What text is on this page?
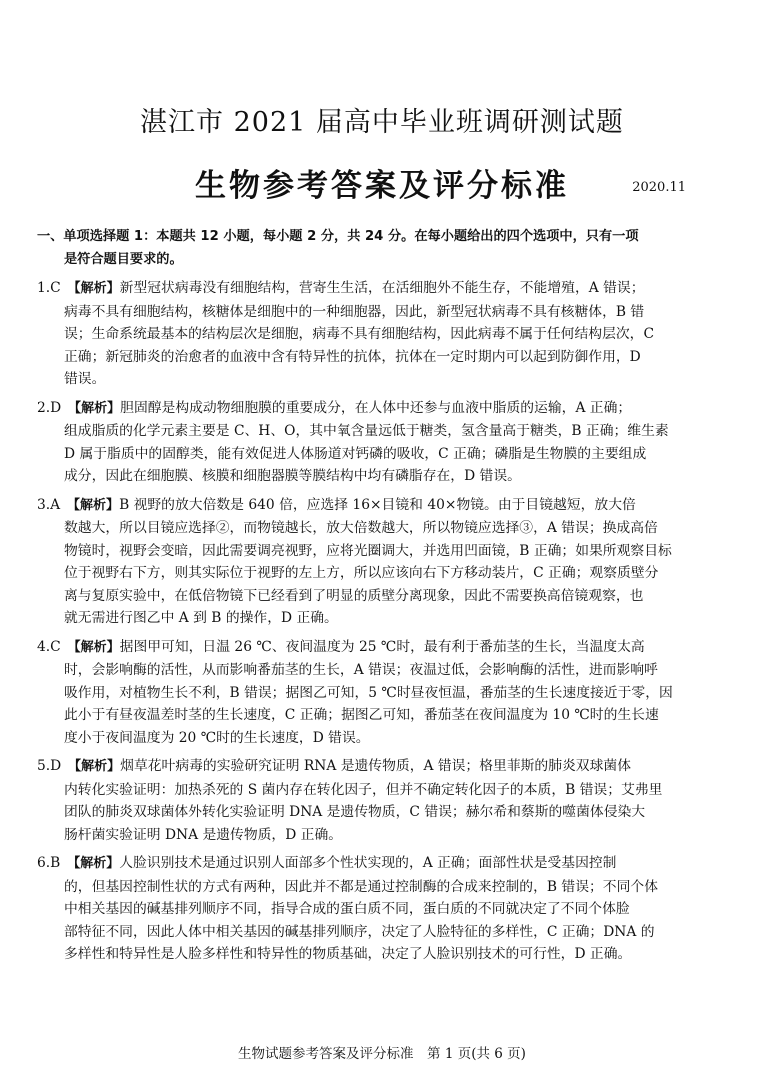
湛江市 2021 届高中毕业班调研测试题
生物参考答案及评分标准	2020.11
一、单项选择题 1：本题共 12 小题，每小题 2 分，共 24 分。在每小题给出的四个选项中，只有一项
是符合题目要求的。
1.C  【解析】新型冠状病毒没有细胞结构，营寄生生活，在活细胞外不能生存，不能增殖，A 错误；
病毒不具有细胞结构，核糖体是细胞中的一种细胞器，因此，新型冠状病毒不具有核糖体，B 错
误；生命系统最基本的结构层次是细胞，病毒不具有细胞结构，因此病毒不属于任何结构层次，C
正确；新冠肺炎的治愈者的血液中含有特异性的抗体，抗体在一定时期内可以起到防御作用，D
错误。
2.D  【解析】胆固醇是构成动物细胞膜的重要成分，在人体中还参与血液中脂质的运输，A 正确；
组成脂质的化学元素主要是 C、H、O，其中氧含量远低于糖类，氢含量高于糖类，B 正确；维生素
D 属于脂质中的固醇类，能有效促进人体肠道对钙磷的吸收，C 正确；磷脂是生物膜的主要组成
成分，因此在细胞膜、核膜和细胞器膜等膜结构中均有磷脂存在，D 错误。
3.A  【解析】B 视野的放大倍数是 640 倍，应选择 16×目镜和 40×物镜。由于目镜越短，放大倍
数越大，所以目镜应选择②，而物镜越长，放大倍数越大，所以物镜应选择③，A 错误；换成高倍
物镜时，视野会变暗，因此需要调亮视野，应将光圈调大，并选用凹面镜，B 正确；如果所观察目标
位于视野右下方，则其实际位于视野的左上方，所以应该向右下方移动装片，C 正确；观察质壁分
离与复原实验中，在低倍物镜下已经看到了明显的质壁分离现象，因此不需要换高倍镜观察，也
就无需进行图乙中 A 到 B 的操作，D 正确。
4.C  【解析】据图甲可知，日温 26 ℃、夜间温度为 25 ℃时，最有利于番茄茎的生长，当温度太高
时，会影响酶的活性，从而影响番茄茎的生长，A 错误；夜温过低，会影响酶的活性，进而影响呼
吸作用，对植物生长不利，B 错误；据图乙可知，5 ℃时昼夜恒温，番茄茎的生长速度接近于零，因
此小于有昼夜温差时茎的生长速度，C 正确；据图乙可知，番茄茎在夜间温度为 10 ℃时的生长速
度小于夜间温度为 20 ℃时的生长速度，D 错误。
5.D  【解析】烟草花叶病毒的实验研究证明 RNA 是遗传物质，A 错误；格里菲斯的肺炎双球菌体
内转化实验证明：加热杀死的 S 菌内存在转化因子，但并不确定转化因子的本质，B 错误；艾弗里
团队的肺炎双球菌体外转化实验证明 DNA 是遗传物质，C 错误；赫尔希和蔡斯的噬菌体侵染大
肠杆菌实验证明 DNA 是遗传物质，D 正确。
6.B  【解析】人脸识别技术是通过识别人面部多个性状实现的，A 正确；面部性状是受基因控制
的，但基因控制性状的方式有两种，因此并不都是通过控制酶的合成来控制的，B 错误；不同个体
中相关基因的碱基排列顺序不同，指导合成的蛋白质不同，蛋白质的不同就决定了不同个体脸
部特征不同，因此人体中相关基因的碱基排列顺序，决定了人脸特征的多样性，C 正确；DNA 的
多样性和特异性是人脸多样性和特异性的物质基础，决定了人脸识别技术的可行性，D 正确。
生物试题参考答案及评分标准　第 1 页(共 6 页)
